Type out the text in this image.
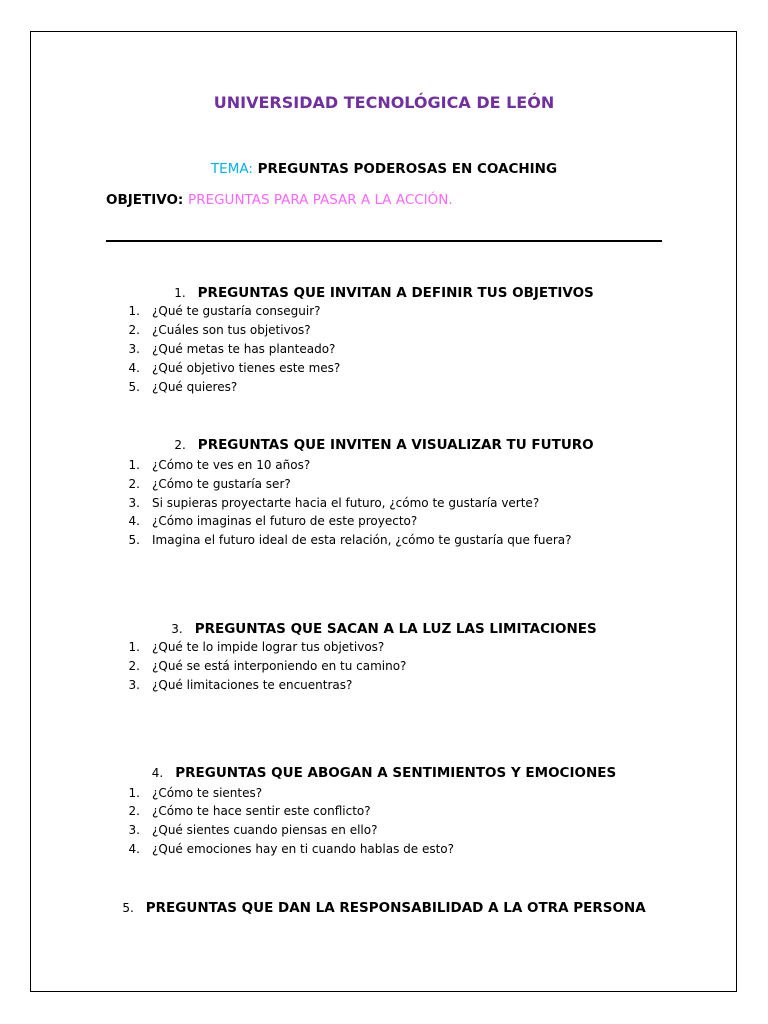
UNIVERSIDAD TECNOLÓGICA DE LEÓN
TEMA: PREGUNTAS PODEROSAS EN COACHING
OBJETIVO: PREGUNTAS PARA PASAR A LA ACCIÓN.
1. PREGUNTAS QUE INVITAN A DEFINIR TUS OBJETIVOS
1. ¿Qué te gustaría conseguir?
2. ¿Cuáles son tus objetivos?
3. ¿Qué metas te has planteado?
4. ¿Qué objetivo tienes este mes?
5. ¿Qué quieres?
2. PREGUNTAS QUE INVITEN A VISUALIZAR TU FUTURO
1. ¿Cómo te ves en 10 años?
2. ¿Cómo te gustaría ser?
3. Si supieras proyectarte hacia el futuro, ¿cómo te gustaría verte?
4. ¿Cómo imaginas el futuro de este proyecto?
5. Imagina el futuro ideal de esta relación, ¿cómo te gustaría que fuera?
3. PREGUNTAS QUE SACAN A LA LUZ LAS LIMITACIONES
1. ¿Qué te lo impide lograr tus objetivos?
2. ¿Qué se está interponiendo en tu camino?
3. ¿Qué limitaciones te encuentras?
4. PREGUNTAS QUE ABOGAN A SENTIMIENTOS Y EMOCIONES
1. ¿Cómo te sientes?
2. ¿Cómo te hace sentir este conflicto?
3. ¿Qué sientes cuando piensas en ello?
4. ¿Qué emociones hay en ti cuando hablas de esto?
5. PREGUNTAS QUE DAN LA RESPONSABILIDAD A LA OTRA PERSONA
